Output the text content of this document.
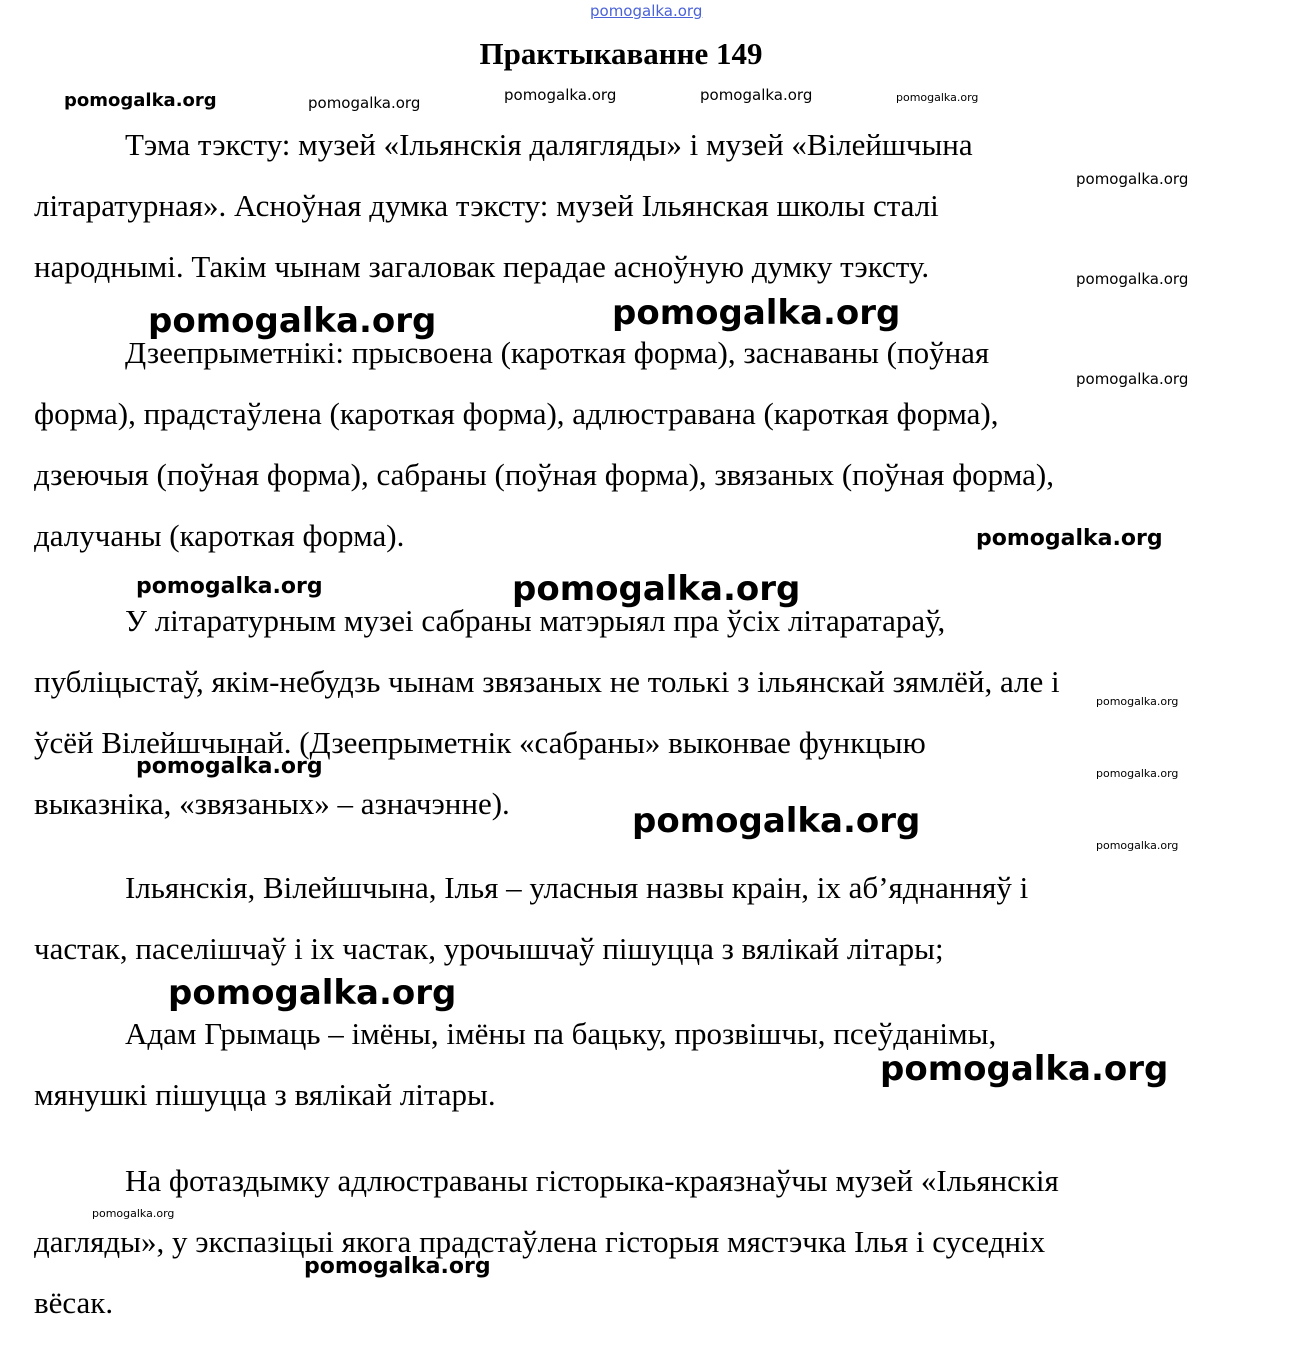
pomogalka.org
Практыкаванне 149

Тэма тэксту: музей «Ільянскія далягляды» і музей «Вілейшчына
літаратурная». Асноўная думка тэксту: музей Ільянская школы сталі
народнымі. Такім чынам загаловак перадае асноўную думку тэксту.

Дзеепрыметнікі: прысвоена (кароткая форма), заснаваны (поўная
форма), прадстаўлена (кароткая форма), адлюстравана (кароткая форма),
дзеючыя (поўная форма), сабраны (поўная форма), звязаных (поўная форма),
далучаны (кароткая форма).

У літаратурным музеі сабраны матэрыял пра ўсіх літаратараў,
публіцыстаў, якім-небудзь чынам звязаных не толькі з ільянскай зямлёй, але і
ўсёй Вілейшчынай. (Дзеепрыметнік «сабраны» выконвае функцыю
выказніка, «звязаных» – азначэнне).

Ільянскія, Вілейшчына, Ілья – уласныя назвы краін, іх аб’яднанняў і
частак, паселішчаў і іх частак, урочышчаў пішуцца з вялікай літары;

Адам Грымаць – імёны, імёны па бацьку, прозвішчы, псеўданімы,
мянушкі пішуцца з вялікай літары.

На фотаздымку адлюстраваны гісторыка-краязнаўчы музей «Ільянскія
дагляды», у экспазіцыі якога прадстаўлена гісторыя мястэчка Ілья і суседніх
вёсак.

pomogalka.org	pomogalka.org	pomogalka.org	pomogalka.org	pomogalka.org
pomogalka.org
pomogalka.org
pomogalka.org	pomogalka.org
pomogalka.org
pomogalka.org
pomogalka.org	pomogalka.org
pomogalka.org
pomogalka.org	pomogalka.org
pomogalka.org
pomogalka.org
pomogalka.org
pomogalka.org
pomogalka.org
pomogalka.org
